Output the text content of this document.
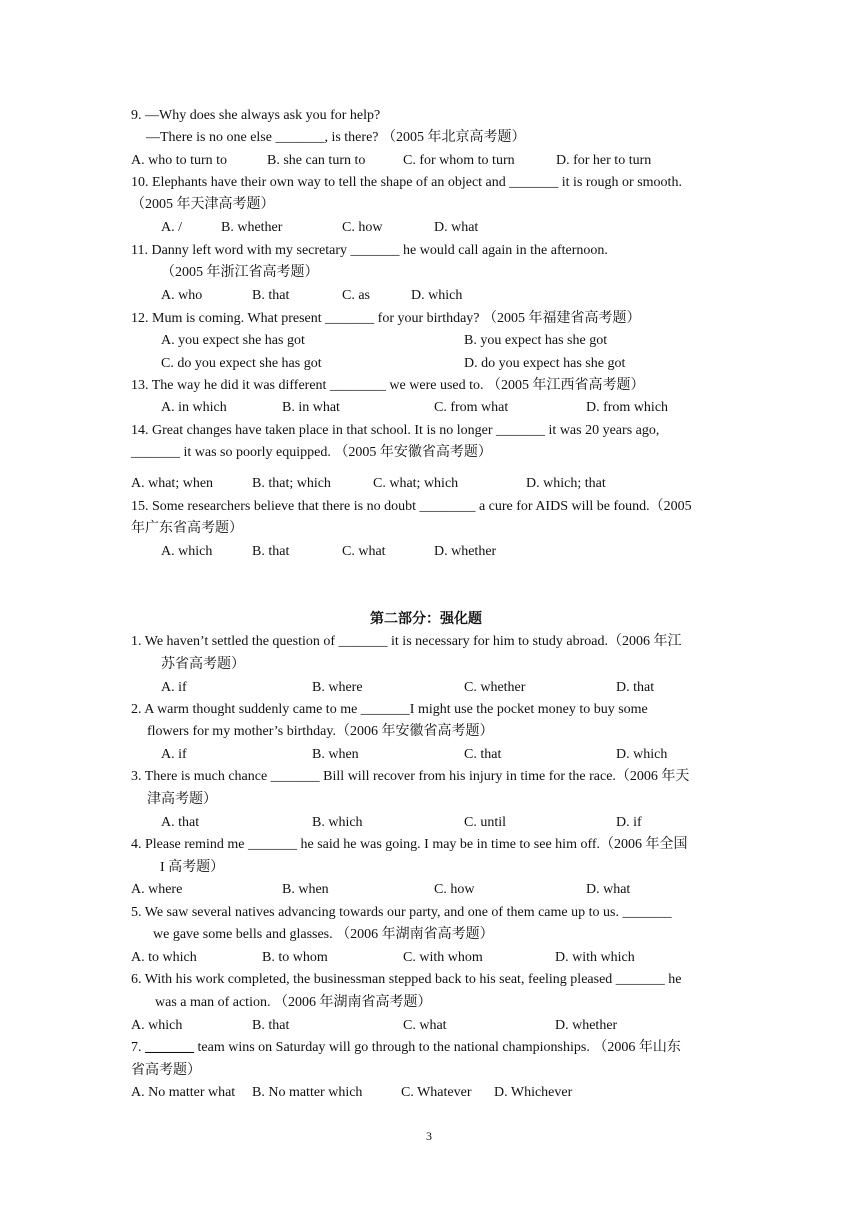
9. —Why does she always ask you for help?
—There is no one else _______, is there? （2005 年北京高考题）
A. who to turn to	B. she can turn to	C. for whom to turn	D. for her to turn
10. Elephants have their own way to tell the shape of an object and _______ it is rough or smooth.
（2005 年天津高考题）
A. /	B. whether	C. how	D. what
11. Danny left word with my secretary _______ he would call again in the afternoon.
（2005 年浙江省高考题）
A. who	B. that	C. as	D. which
12. Mum is coming. What present _______ for your birthday? （2005 年福建省高考题）
A. you expect she has got	B. you expect has she got
C. do you expect she has got	D. do you expect has she got
13. The way he did it was different ________ we were used to. （2005 年江西省高考题）
A. in which	B. in what	C. from what	D. from which
14. Great changes have taken place in that school. It is no longer _______ it was 20 years ago,
_______ it was so poorly equipped. （2005 年安徽省高考题）
A. what; when	B. that; which	C. what; which	D. which; that
15. Some researchers believe that there is no doubt ________ a cure for AIDS will be found.（2005
年广东省高考题）
A. which	B. that	C. what	D. whether
第二部分：强化题
1. We haven’t settled the question of _______ it is necessary for him to study abroad.（2006 年江
苏省高考题）
A. if	B. where	C. whether	D. that
2. A warm thought suddenly came to me _______I might use the pocket money to buy some
flowers for my mother’s birthday.（2006 年安徽省高考题）
A. if	B. when	C. that	D. which
3. There is much chance _______ Bill will recover from his injury in time for the race.（2006 年天
津高考题）
A. that	B. which	C. until	D. if
4. Please remind me _______ he said he was going. I may be in time to see him off.（2006 年全国
I 高考题）
A. where	B. when	C. how	D. what
5. We saw several natives advancing towards our party, and one of them came up to us. _______
we gave some bells and glasses. （2006 年湖南省高考题）
A. to which	B. to whom	C. with whom	D. with which
6. With his work completed, the businessman stepped back to his seat, feeling pleased _______ he
was a man of action. （2006 年湖南省高考题）
A. which	B. that	C. what	D. whether
7. _______ team wins on Saturday will go through to the national championships. （2006 年山东
省高考题）
A. No matter what B. No matter which	C. Whatever D. Whichever
3
